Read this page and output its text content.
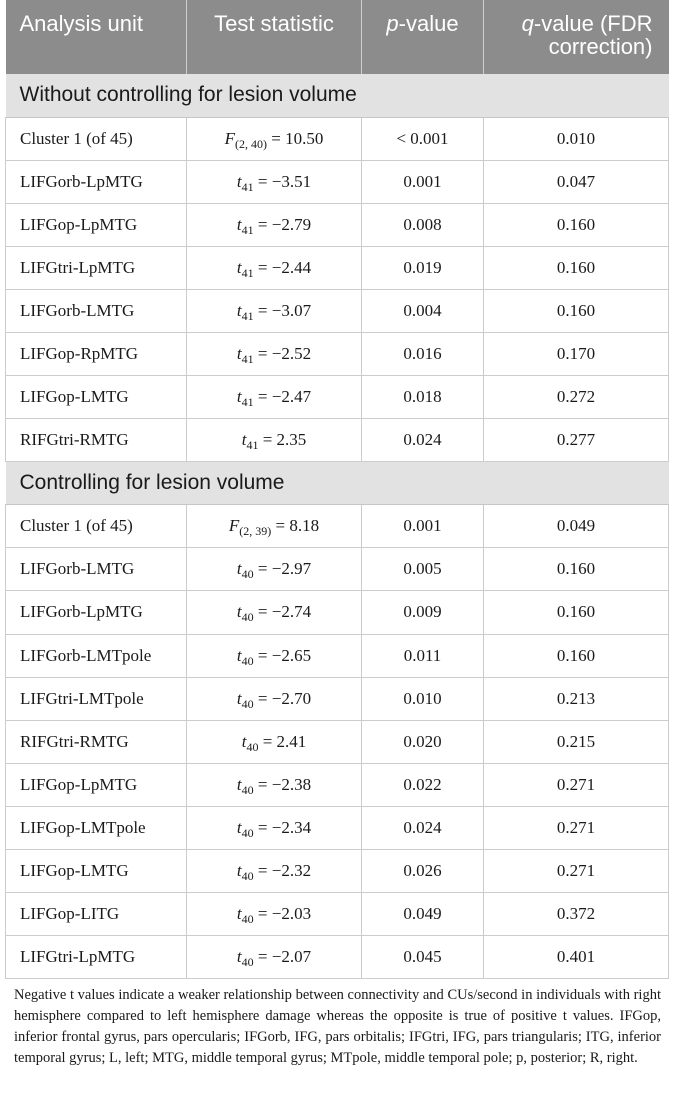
Analysis unit	Test statistic	p-value	q-value (FDR correction)
Without controlling for lesion volume			
Cluster 1 (of 45)	$F_{(2, 40)} = 10.50$	< 0.001	0.010
LIFGorb-LpMTG	$t_{41} = -3.51$	0.001	0.047
LIFGop-LpMTG	$t_{41} = -2.79$	0.008	0.160
LIFGtri-LpMTG	$t_{41} = -2.44$	0.019	0.160
LIFGorb-LMTG	$t_{41} = -3.07$	0.004	0.160
LIFGop-RpMTG	$t_{41} = -2.52$	0.016	0.170
LIFGop-LMTG	$t_{41} = -2.47$	0.018	0.272
RIFGtri-RMTG	$t_{41} = 2.35$	0.024	0.277
Controlling for lesion volume			
Cluster 1 (of 45)	$F_{(2, 39)} = 8.18$	0.001	0.049
LIFGorb-LMTG	$t_{40} = -2.97$	0.005	0.160
LIFGorb-LpMTG	$t_{40} = -2.74$	0.009	0.160
LIFGorb-LMTpole	$t_{40} = -2.65$	0.011	0.160
LIFGtri-LMTpole	$t_{40} = -2.70$	0.010	0.213
RIFGtri-RMTG	$t_{40} = 2.41$	0.020	0.215
LIFGop-LpMTG	$t_{40} = -2.38$	0.022	0.271
LIFGop-LMTpole	$t_{40} = -2.34$	0.024	0.271
LIFGop-LMTG	$t_{40} = -2.32$	0.026	0.271
LIFGop-LITG	$t_{40} = -2.03$	0.049	0.372
LIFGtri-LpMTG	$t_{40} = -2.07$	0.045	0.401
Negative t values indicate a weaker relationship between connectivity and CUs/second in individuals with right hemisphere compared to left hemisphere damage whereas the opposite is true of positive t values. IFGop, inferior frontal gyrus, pars opercularis; IFGorb, IFG, pars orbitalis; IFGtri, IFG, pars triangularis; ITG, inferior temporal gyrus; L, left; MTG, middle temporal gyrus; MTpole, middle temporal pole; p, posterior; R, right.
